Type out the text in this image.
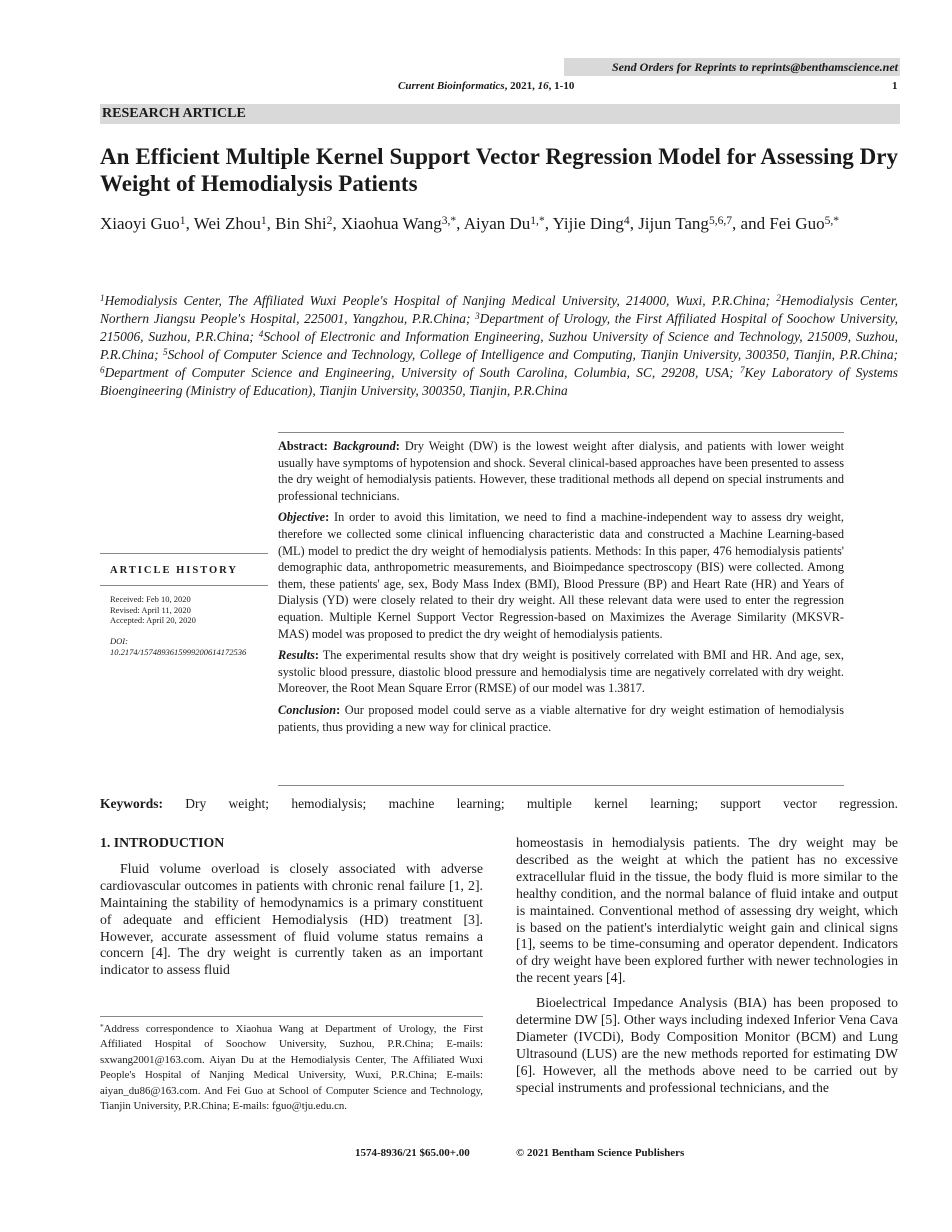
Send Orders for Reprints to reprints@benthamscience.net
Current Bioinformatics, 2021, 16, 1-10	1
RESEARCH ARTICLE
An Efficient Multiple Kernel Support Vector Regression Model for Assessing Dry Weight of Hemodialysis Patients
Xiaoyi Guo$^1$, Wei Zhou$^1$, Bin Shi$^2$, Xiaohua Wang$^{3,*}$, Aiyan $Du^{1,*}$, Yijie Ding$^4$, Jijun Tang$^{5,6,7}$, and Fei Guo$^{5,*}$
$^1$Hemodialysis Center, The Affiliated Wuxi People's Hospital of Nanjing Medical University, 214000, Wuxi, P.R.China; $^2$Hemodialysis Center, Northern Jiangsu People's Hospital, 225001, Yangzhou, P.R.China; $^3$Department of Urology, the First Affiliated Hospital of Soochow University, 215006, Suzhou, P.R.China; $^4$School of Electronic and Information Engineering, Suzhou University of Science and Technology, 215009, Suzhou, P.R.China; $^5$School of Computer Science and Technology, College of Intelligence and Computing, Tianjin University, 300350, Tianjin, P.R.China; $^6$Department of Computer Science and Engineering, University of South Carolina, Columbia, SC, 29208, USA; $^7$Key Laboratory of Systems Bioengineering (Ministry of Education), Tianjin University, 300350, Tianjin, P.R.China
ARTICLE HISTORY
Received: Feb 10, 2020
Revised: April 11, 2020
Accepted: April 20, 2020
DOI:
10.2174/1574893615999200614172536

Abstract: Background: Dry Weight (DW) is the lowest weight after dialysis, and patients with lower weight usually have symptoms of hypotension and shock. Several clinical-based approaches have been presented to assess the dry weight of hemodialysis patients. However, these traditional methods all depend on special instruments and professional technicians.

Objective: In order to avoid this limitation, we need to find a machine-independent way to assess dry weight, therefore we collected some clinical influencing characteristic data and constructed a Machine Learning-based (ML) model to predict the dry weight of hemodialysis patients. Methods: In this paper, 476 hemodialysis patients' demographic data, anthropometric measurements, and Bioimpedance spectroscopy (BIS) were collected. Among them, these patients' age, sex, Body Mass Index (BMI), Blood Pressure (BP) and Heart Rate (HR) and Years of Dialysis (YD) were closely related to their dry weight. All these relevant data were used to enter the regression equation. Multiple Kernel Support Vector Regression-based on Maximizes the Average Similarity (MKSVR-MAS) model was proposed to predict the dry weight of hemodialysis patients.

Results: The experimental results show that dry weight is positively correlated with BMI and HR. And age, sex, systolic blood pressure, diastolic blood pressure and hemodialysis time are negatively correlated with dry weight. Moreover, the Root Mean Square Error (RMSE) of our model was 1.3817.

Conclusion: Our proposed model could serve as a viable alternative for dry weight estimation of hemodialysis patients, thus providing a new way for clinical practice.

Keywords: Dry weight; hemodialysis; machine learning; multiple kernel learning; support vector regression.
1. INTRODUCTION

Fluid volume overload is closely associated with adverse cardiovascular outcomes in patients with chronic renal failure [1, 2]. Maintaining the stability of hemodynamics is a primary constituent of adequate and efficient Hemodialysis (HD) treatment [3]. However, accurate assessment of fluid volume status remains a concern [4]. The dry weight is currently taken as an important indicator to assess fluid

homeostasis in hemodialysis patients. The dry weight may be described as the weight at which the patient has no excessive extracellular fluid in the tissue, the body fluid is more similar to the healthy condition, and the normal balance of fluid intake and output is maintained. Conventional method of assessing dry weight, which is based on the patient's interdialytic weight gain and clinical signs [1], seems to be time-consuming and operator dependent. Indicators of dry weight have been explored further with newer technologies in the recent years [4].

Bioelectrical Impedance Analysis (BIA) has been proposed to determine DW [5]. Other ways including indexed Inferior Vena Cava Diameter (IVCDi), Body Composition Monitor (BCM) and Lung Ultrasound (LUS) are the new methods reported for estimating DW [6]. However, all the methods above need to be carried out by special instruments and professional technicians, and the

*Address correspondence to Xiaohua Wang at Department of Urology, the First Affiliated Hospital of Soochow University, Suzhou, P.R.China; E-mails: sxwang2001@163.com. Aiyan Du at the Hemodialysis Center, The Affiliated Wuxi People's Hospital of Nanjing Medical University, Wuxi, P.R.China; E-mails: aiyan_du86@163.com. And Fei Guo at School of Computer Science and Technology, Tianjin University, P.R.China; E-mails: fguo@tju.edu.cn.
1574-8936/21 $65.00+.00	© 2021 Bentham Science Publishers
